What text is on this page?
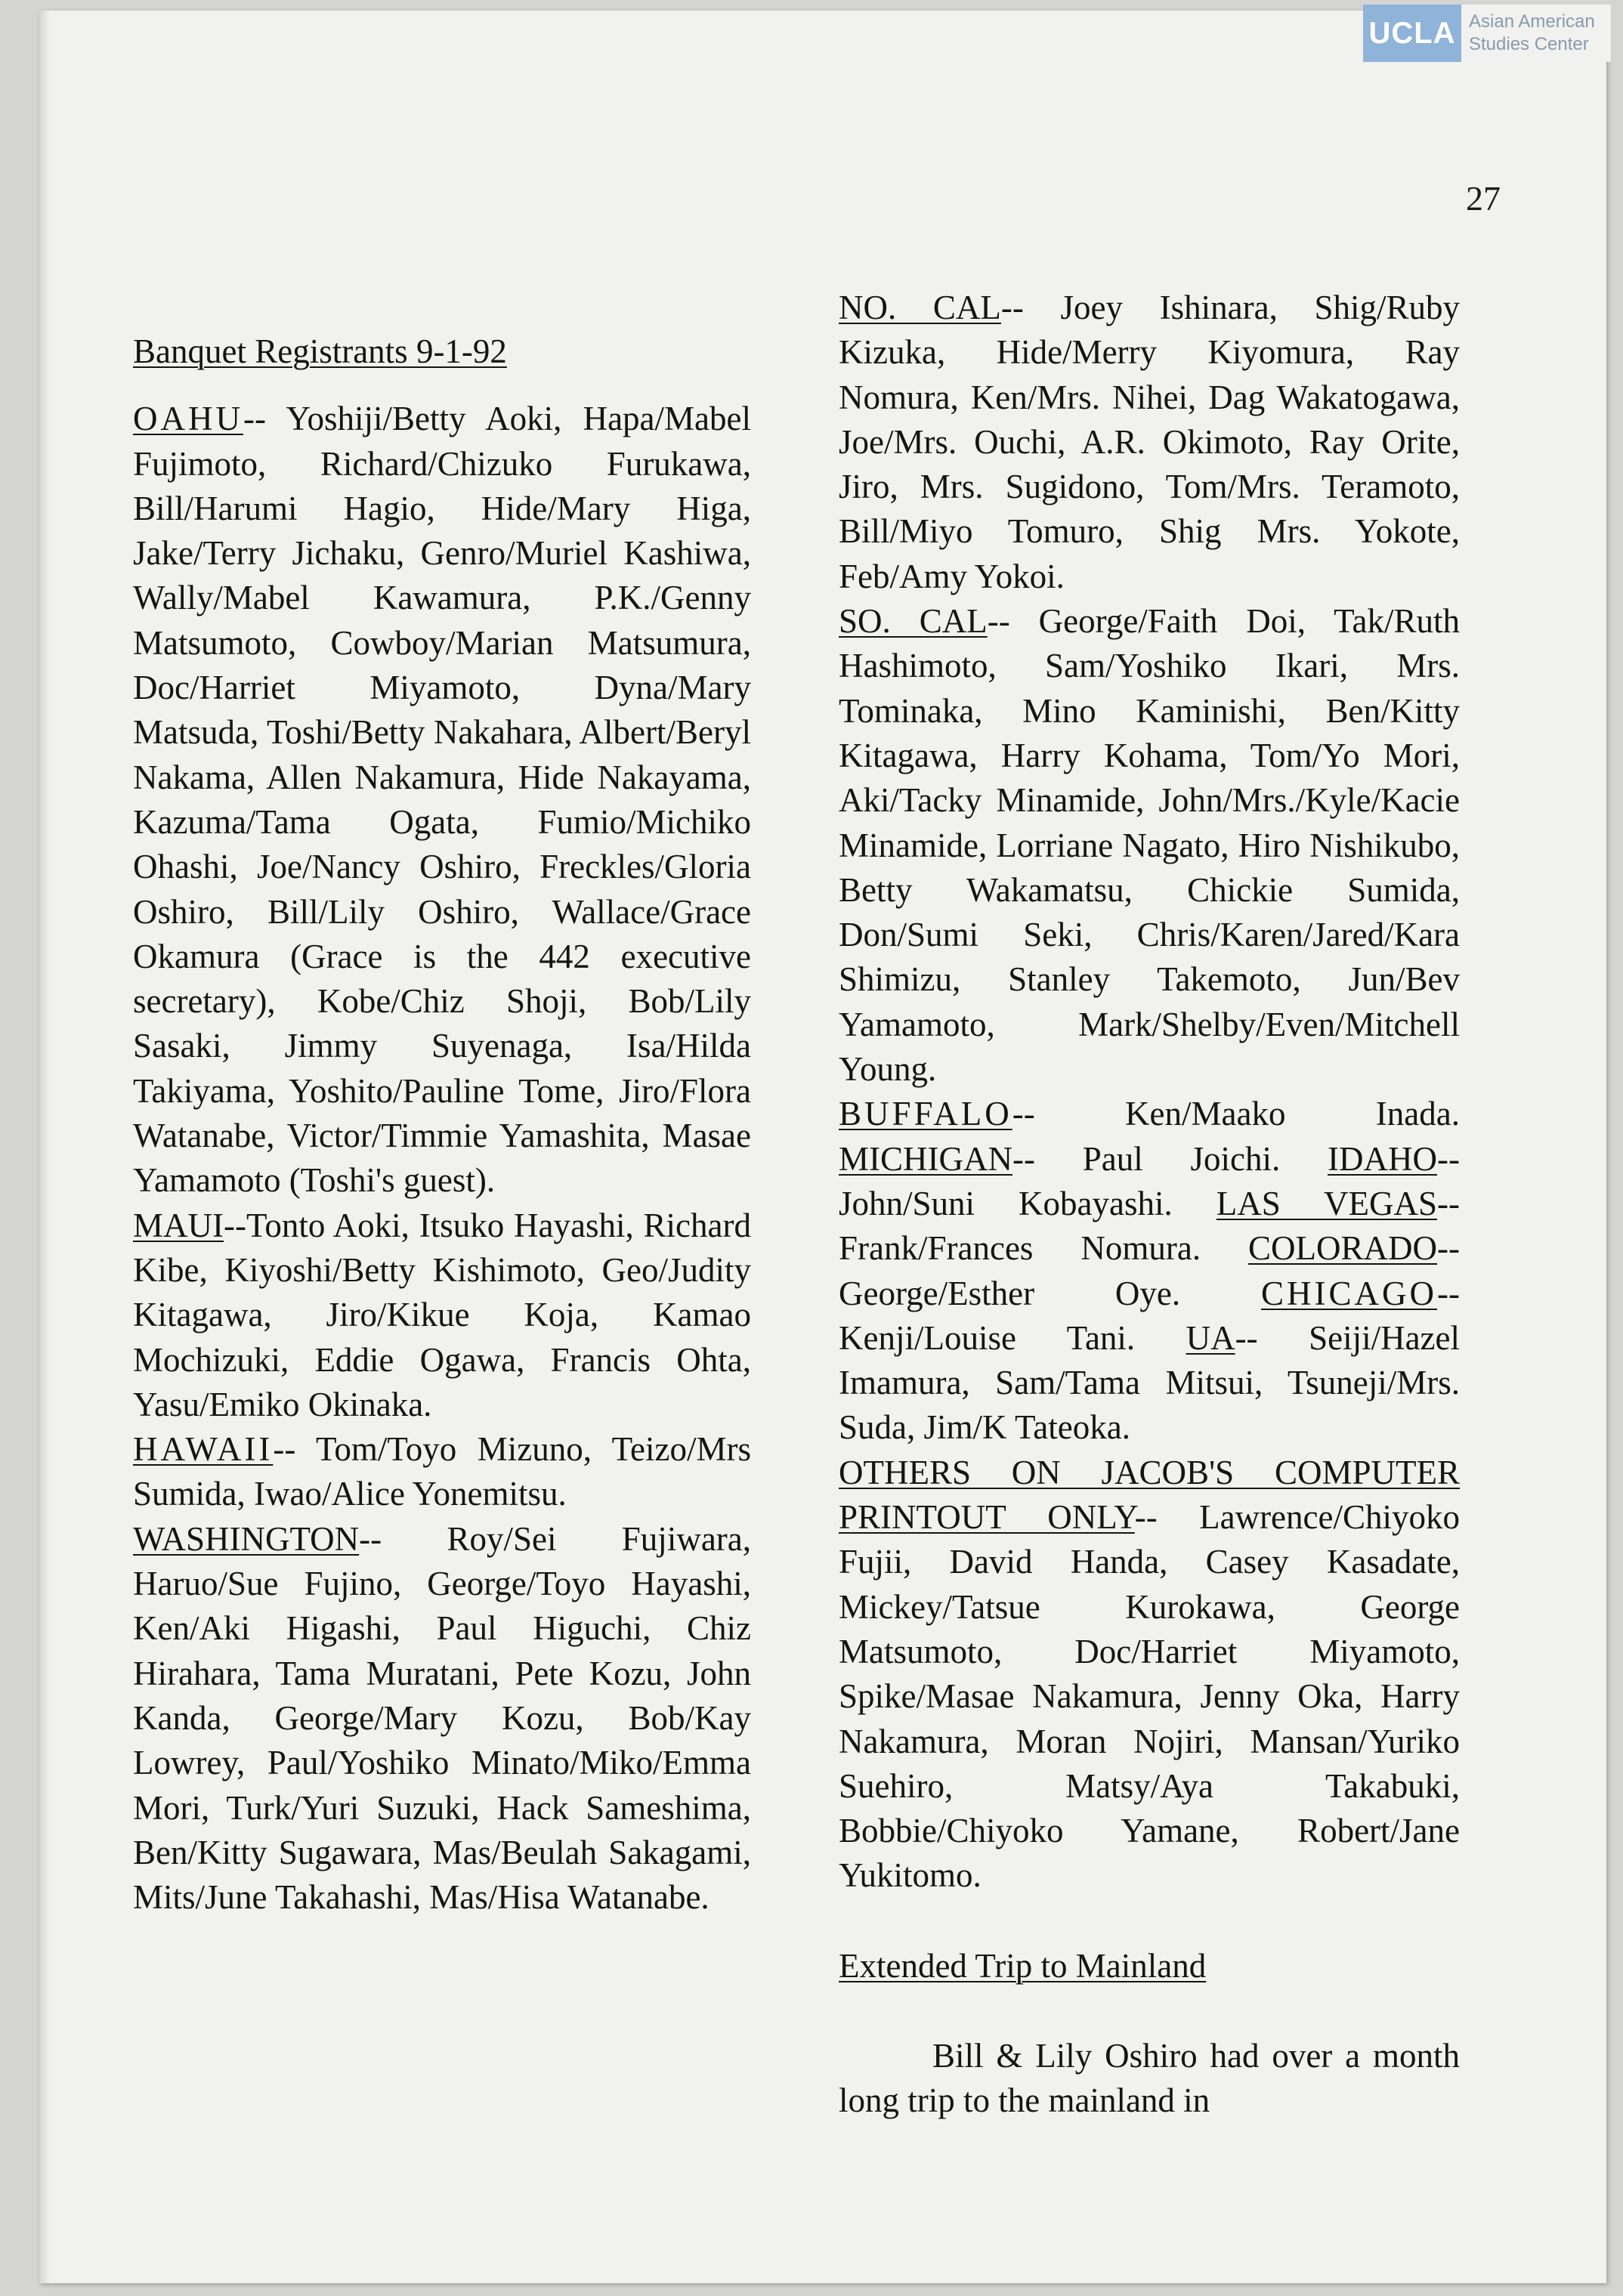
UCLA Asian American
Studies Center
27

Banquet Registrants 9-1-92

OAHU-- Yoshiji/Betty Aoki, Hapa/Mabel Fujimoto, Richard/Chizuko Furukawa, Bill/Harumi Hagio, Hide/Mary Higa, Jake/Terry Jichaku, Genro/Muriel Kashiwa, Wally/Mabel Kawamura, P.K./Genny Matsumoto, Cowboy/Marian Matsumura, Doc/Harriet Miyamoto, Dyna/Mary Matsuda, Toshi/Betty Nakahara, Albert/Beryl Nakama, Allen Nakamura, Hide Nakayama, Kazuma/Tama Ogata, Fumio/Michiko Ohashi, Joe/Nancy Oshiro, Freckles/Gloria Oshiro, Bill/Lily Oshiro, Wallace/Grace Okamura (Grace is the 442 executive secretary), Kobe/Chiz Shoji, Bob/Lily Sasaki, Jimmy Suyenaga, Isa/Hilda Takiyama, Yoshito/Pauline Tome, Jiro/Flora Watanabe, Victor/Timmie Yamashita, Masae Yamamoto (Toshi's guest).

MAUI--Tonto Aoki, Itsuko Hayashi, Richard Kibe, Kiyoshi/Betty Kishimoto, Geo/Judity Kitagawa, Jiro/Kikue Koja, Kamao Mochizuki, Eddie Ogawa, Francis Ohta, Yasu/Emiko Okinaka.

HAWAII-- Tom/Toyo Mizuno, Teizo/Mrs Sumida, Iwao/Alice Yonemitsu.

WASHINGTON-- Roy/Sei Fujiwara, Haruo/Sue Fujino, George/Toyo Hayashi, Ken/Aki Higashi, Paul Higuchi, Chiz Hirahara, Tama Muratani, Pete Kozu, John Kanda, George/Mary Kozu, Bob/Kay Lowrey, Paul/Yoshiko Minato/Miko/Emma Mori, Turk/Yuri Suzuki, Hack Sameshima, Ben/Kitty Sugawara, Mas/Beulah Sakagami, Mits/June Takahashi, Mas/Hisa Watanabe.

NO. CAL-- Joey Ishinara, Shig/Ruby Kizuka, Hide/Merry Kiyomura, Ray Nomura, Ken/Mrs. Nihei, Dag Wakatogawa, Joe/Mrs. Ouchi, A.R. Okimoto, Ray Orite, Jiro, Mrs. Sugidono, Tom/Mrs. Teramoto, Bill/Miyo Tomuro, Shig Mrs. Yokote, Feb/Amy Yokoi.

SO. CAL-- George/Faith Doi, Tak/Ruth Hashimoto, Sam/Yoshiko Ikari, Mrs. Tominaka, Mino Kaminishi, Ben/Kitty Kitagawa, Harry Kohama, Tom/Yo Mori, Aki/Tacky Minamide, John/Mrs./Kyle/Kacie Minamide, Lorriane Nagato, Hiro Nishikubo, Betty Wakamatsu, Chickie Sumida, Don/Sumi Seki, Chris/Karen/Jared/Kara Shimizu, Stanley Takemoto, Jun/Bev Yamamoto, Mark/Shelby/Even/Mitchell Young.

BUFFALO-- Ken/Maako Inada. MICHIGAN-- Paul Joichi. IDAHO-- John/Suni Kobayashi. LAS VEGAS-- Frank/Frances Nomura. COLORADO-- George/Esther Oye. CHICAGO-- Kenji/Louise Tani. UA-- Seiji/Hazel Imamura, Sam/Tama Mitsui, Tsuneji/Mrs. Suda, Jim/K Tateoka.

OTHERS ON JACOB'S COMPUTER PRINTOUT ONLY-- Lawrence/Chiyoko Fujii, David Handa, Casey Kasadate, Mickey/Tatsue Kurokawa, George Matsumoto, Doc/Harriet Miyamoto, Spike/Masae Nakamura, Jenny Oka, Harry Nakamura, Moran Nojiri, Mansan/Yuriko Suehiro, Matsy/Aya Takabuki, Bobbie/Chiyoko Yamane, Robert/Jane Yukitomo.

Extended Trip to Mainland

Bill & Lily Oshiro had over a month long trip to the mainland in
